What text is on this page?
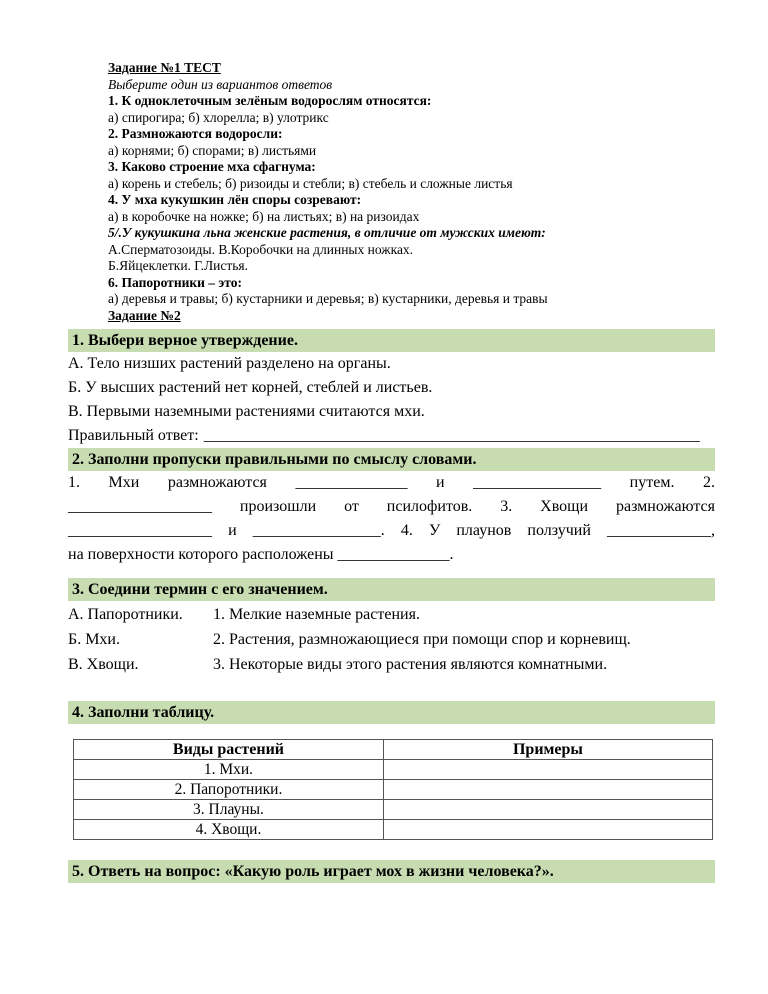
Задание №1 ТЕСТ
Выберите один из вариантов ответов
1. К одноклеточным зелёным водорослям относятся:
а) спирогира; б) хлорелла; в) улотрикс
2. Размножаются водоросли:
а) корнями; б) спорами; в) листьями
3. Каково строение мха сфагнума:
а) корень и стебель; б) ризоиды и стебли; в) стебель и сложные листья
4. У мха кукушкин лён споры созревают:
а) в коробочке на ножке; б) на листьях; в) на ризоидах
5/.У кукушкина льна женские растения, в отличие от мужских имеют:
А.Сперматозоиды. В.Коробочки на длинных ножках.
Б.Яйцеклетки. Г.Листья.
6. Папоротники – это:
а) деревья и травы; б) кустарники и деревья; в) кустарники, деревья и травы
Задание №2
1. Выбери верное утверждение.
А. Тело низших растений разделено на органы.
Б. У высших растений нет корней, стеблей и листьев.
В. Первыми наземными растениями считаются мхи.
Правильный ответ: ______________________________________________________________
2. Заполни пропуски правильными по смыслу словами.
1. Мхи размножаются ______________ и ________________ путем. 2.
__________________ произошли от псилофитов. 3. Хвощи размножаются
__________________ и ________________. 4. У плаунов ползучий _____________,
на поверхности которого расположены ______________.
3. Соедини термин с его значением.
А. Папоротники.	1. Мелкие наземные растения.
Б. Мхи.	2. Растения, размножающиеся при помощи спор и корневищ.
В. Хвощи.	3. Некоторые виды этого растения являются комнатными.
4. Заполни таблицу.
Виды растений	Примеры
1. Мхи.	
2. Папоротники.	
3. Плауны.	
4. Хвощи.	
5. Ответь на вопрос: «Какую роль играет мох в жизни человека?».
